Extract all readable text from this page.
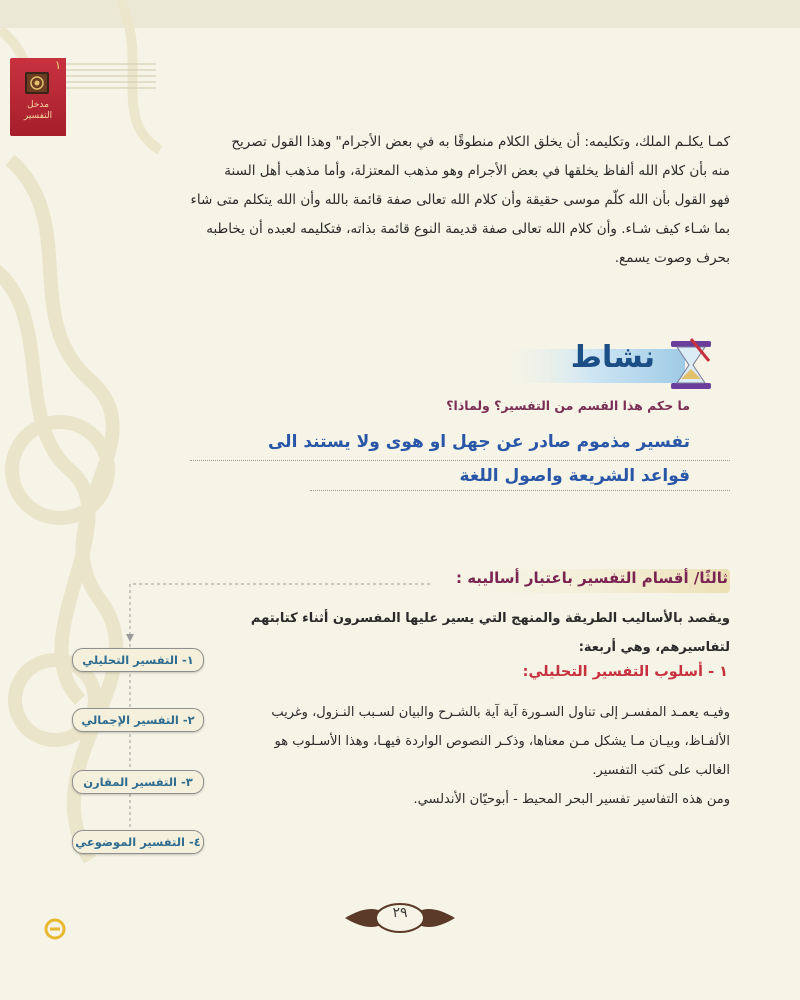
١
مدخل التفسير
كمـا يكلـم الملك، وتكليمه: أن يخلق الكلام منطوقًا به في بعض الأجرام" وهذا القول تصريح
منه بأن كلام الله ألفاظ يخلقها في بعض الأجرام وهو مذهب المعتزلة، وأما مذهب أهل السنة
فهو القول بأن الله كلّم موسى حقيقة وأن كلام الله تعالى صفة قائمة بالله وأن الله يتكلم متى شاء
بما شـاء كيف شـاء. وأن كلام الله تعالى صفة قديمة النوع قائمة بذاته، فتكليمه لعبده أن يخاطبه
بحرف وصوت يسمع.
نشاط
ما حكم هذا القسم من التفسير؟ ولماذا؟
تفسير مذموم صادر عن جهل او هوى ولا يستند الى
قواعد الشريعة واصول اللغة
ثالثًا/ أقسام التفسير باعتبار أساليبه :
ويقصد بالأساليب الطريقة والمنهج التي يسير عليها المفسرون أثناء كتابتهم
لتفاسيرهم، وهي أربعة:
١ - أسلوب التفسير التحليلي:
وفيـه يعمـد المفسـر إلى تناول السـورة آية آية بالشـرح والبيان لسـبب النـزول، وغريب
الألفـاظ، وبيـان مـا يشكل مـن معناها، وذكـر النصوص الواردة فيهـا، وهذا الأسـلوب هو
الغالب على كتب التفسير.
ومن هذه التفاسير تفسير البحر المحيط - أبوحيّان الأندلسي.
١- التفسير التحليلي
٢- التفسير الإجمالي
٣- التفسير المقارن
٤- التفسير الموضوعي
٢٩
